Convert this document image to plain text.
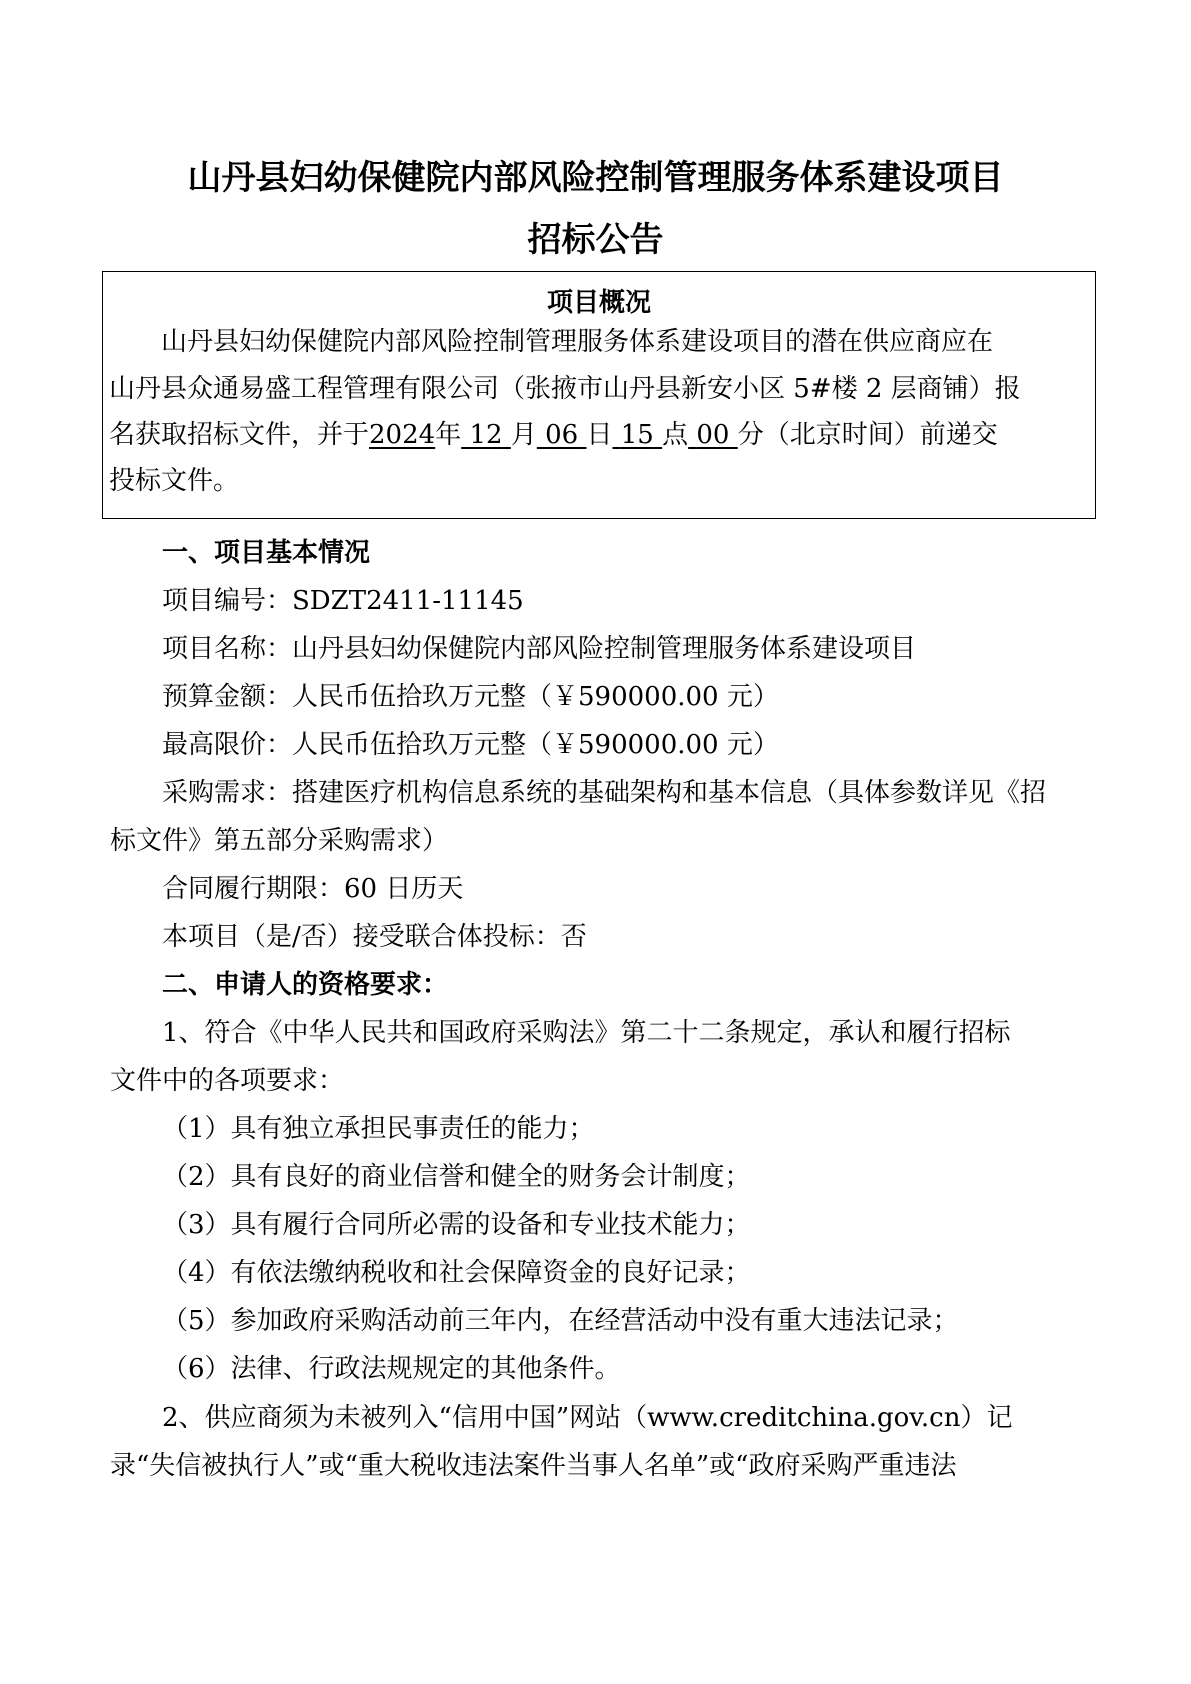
山丹县妇幼保健院内部风险控制管理服务体系建设项目
招标公告
项目概况
山丹县妇幼保健院内部风险控制管理服务体系建设项目的潜在供应商应在
山丹县众通易盛工程管理有限公司（张掖市山丹县新安小区 5#楼 2 层商铺）报
名获取招标文件，并于2024年 12 月 06 日 15 点 00 分（北京时间）前递交
投标文件。
一、项目基本情况
项目编号：SDZT2411-11145
项目名称：山丹县妇幼保健院内部风险控制管理服务体系建设项目
预算金额：人民币伍拾玖万元整（￥590000.00 元）
最高限价：人民币伍拾玖万元整（￥590000.00 元）
采购需求：搭建医疗机构信息系统的基础架构和基本信息（具体参数详见《招
标文件》第五部分采购需求）
合同履行期限：60 日历天
本项目（是/否）接受联合体投标：否
二、申请人的资格要求：
1、符合《中华人民共和国政府采购法》第二十二条规定，承认和履行招标
文件中的各项要求：
（1）具有独立承担民事责任的能力；
（2）具有良好的商业信誉和健全的财务会计制度；
（3）具有履行合同所必需的设备和专业技术能力；
（4）有依法缴纳税收和社会保障资金的良好记录；
（5）参加政府采购活动前三年内，在经营活动中没有重大违法记录；
（6）法律、行政法规规定的其他条件。
2、供应商须为未被列入“信用中国”网站（www.creditchina.gov.cn）记
录“失信被执行人”或“重大税收违法案件当事人名单”或“政府采购严重违法
